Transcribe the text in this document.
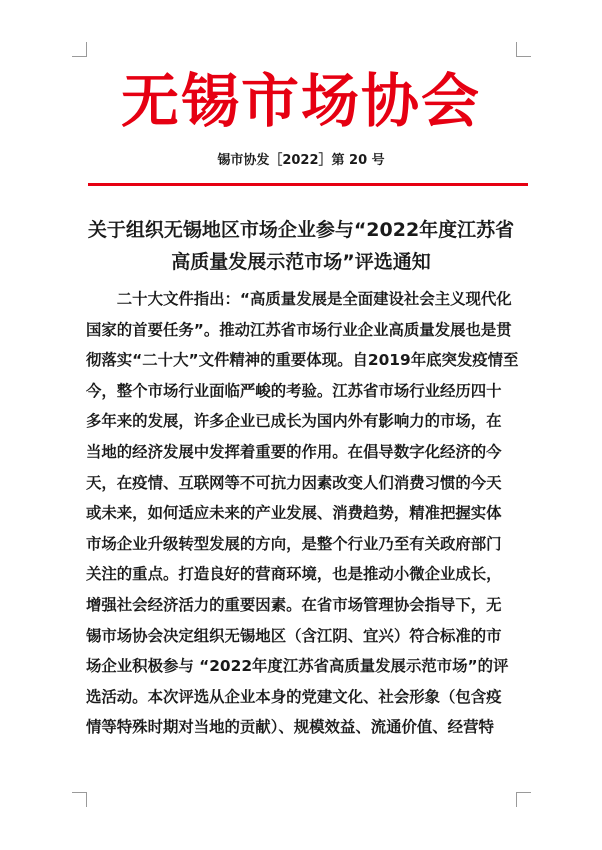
无锡市场协会
锡市协发［2022］第 20 号
关于组织无锡地区市场企业参与“2022年度江苏省
高质量发展示范市场”评选通知
　　二十大文件指出：“高质量发展是全面建设社会主义现代化
国家的首要任务”。推动江苏省市场行业企业高质量发展也是贯
彻落实“二十大”文件精神的重要体现。自2019年底突发疫情至
今，整个市场行业面临严峻的考验。江苏省市场行业经历四十
多年来的发展，许多企业已成长为国内外有影响力的市场，在
当地的经济发展中发挥着重要的作用。在倡导数字化经济的今
天，在疫情、互联网等不可抗力因素改变人们消费习惯的今天
或未来，如何适应未来的产业发展、消费趋势，精准把握实体
市场企业升级转型发展的方向，是整个行业乃至有关政府部门
关注的重点。打造良好的营商环境，也是推动小微企业成长，
增强社会经济活力的重要因素。在省市场管理协会指导下，无
锡市场协会决定组织无锡地区（含江阴、宜兴）符合标准的市
场企业积极参与 “2022年度江苏省高质量发展示范市场”的评
选活动。本次评选从企业本身的党建文化、社会形象（包含疫
情等特殊时期对当地的贡献）、规模效益、流通价值、经营特
